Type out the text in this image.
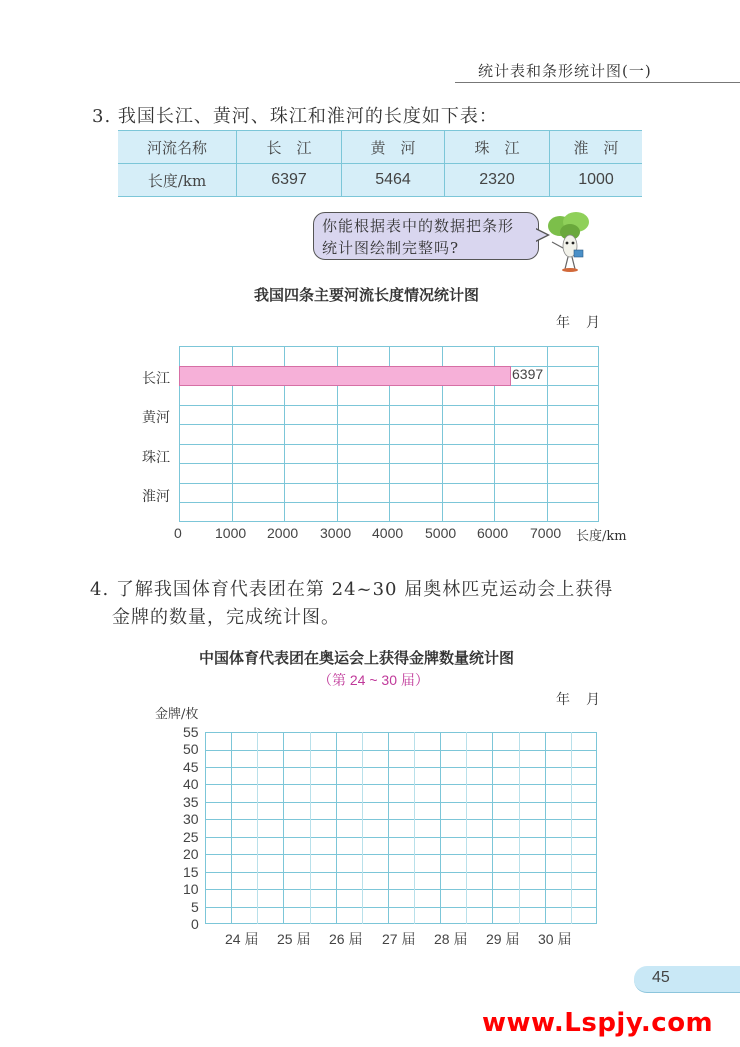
统计表和条形统计图(一)
3. 我国长江、黄河、珠江和淮河的长度如下表：
河流名称	长　江	黄　河	珠　江	淮　河
长度/km	6397	5464	2320	1000
你能根据表中的数据把条形
统计图绘制完整吗?
我国四条主要河流长度情况统计图
年　月
6397
长江
黄河
珠江
淮河
0 1000 2000 3000 4000 5000 6000 7000 长度/km
4. 了解我国体育代表团在第 24~30 届奥林匹克运动会上获得
金牌的数量，完成统计图。
中国体育代表团在奥运会上获得金牌数量统计图
（第 24 ~ 30 届）
年　月
金牌/枚
55
50
45
40
35
30
25
20
15
10
5
0
24 届 25 届 26 届 27 届 28 届 29 届 30 届
45
www.Lspjy.com
